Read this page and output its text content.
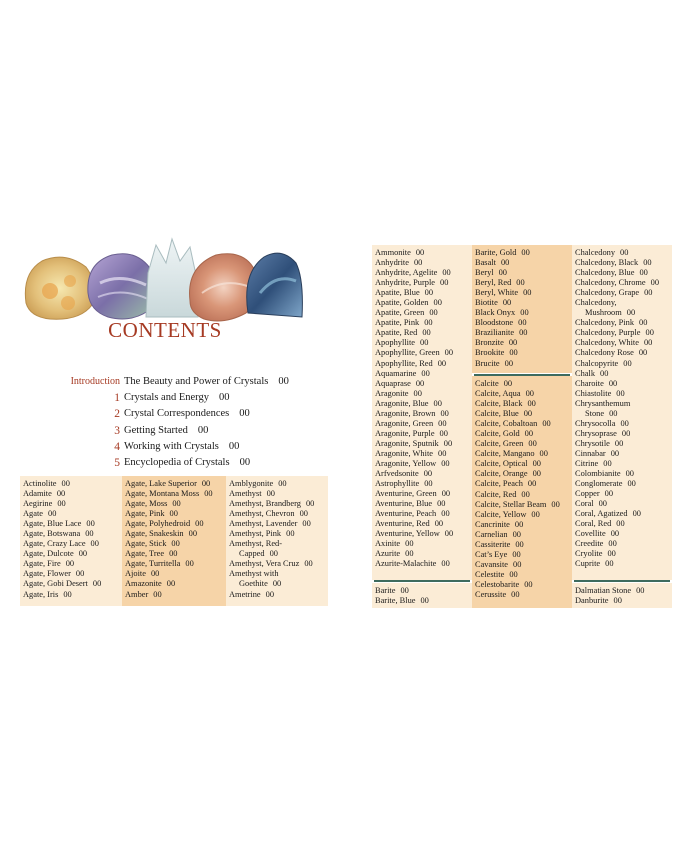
CONTENTS
Introduction The Beauty and Power of Crystals 00
1 Crystals and Energy 00
2 Crystal Correspondences 00
3 Getting Started 00
4 Working with Crystals 00
5 Encyclopedia of Crystals 00
Actinolite 00
Adamite 00
Aegirine 00
Agate 00
Agate, Blue Lace 00
Agate, Botswana 00
Agate, Crazy Lace 00
Agate, Dulcote 00
Agate, Fire 00
Agate, Flower 00
Agate, Gobi Desert 00
Agate, Iris 00
Agate, Lake Superior 00
Agate, Montana Moss 00
Agate, Moss 00
Agate, Pink 00
Agate, Polyhedroid 00
Agate, Snakeskin 00
Agate, Stick 00
Agate, Tree 00
Agate, Turritella 00
Ajoite 00
Amazonite 00
Amber 00
Amblygonite 00
Amethyst 00
Amethyst, Brandberg 00
Amethyst, Chevron 00
Amethyst, Lavender 00
Amethyst, Pink 00
Amethyst, Red-
Capped 00
Amethyst, Vera Cruz 00
Amethyst with
Goethite 00
Ametrine 00
Ammonite 00
Anhydrite 00
Anhydrite, Agelite 00
Anhydrite, Purple 00
Apatite, Blue 00
Apatite, Golden 00
Apatite, Green 00
Apatite, Pink 00
Apatite, Red 00
Apophyllite 00
Apophyllite, Green 00
Apophyllite, Red 00
Aquamarine 00
Aquaprase 00
Aragonite 00
Aragonite, Blue 00
Aragonite, Brown 00
Aragonite, Green 00
Aragonite, Purple 00
Aragonite, Sputnik 00
Aragonite, White 00
Aragonite, Yellow 00
Arfvedsonite 00
Astrophyllite 00
Aventurine, Green 00
Aventurine, Blue 00
Aventurine, Peach 00
Aventurine, Red 00
Aventurine, Yellow 00
Axinite 00
Azurite 00
Azurite-Malachite 00
Barite 00
Barite, Blue 00
Barite, Gold 00
Basalt 00
Beryl 00
Beryl, Red 00
Beryl, White 00
Biotite 00
Black Onyx 00
Bloodstone 00
Brazilianite 00
Bronzite 00
Brookite 00
Brucite 00
Calcite 00
Calcite, Aqua 00
Calcite, Black 00
Calcite, Blue 00
Calcite, Cobaltoan 00
Calcite, Gold 00
Calcite, Green 00
Calcite, Mangano 00
Calcite, Optical 00
Calcite, Orange 00
Calcite, Peach 00
Calcite, Red 00
Calcite, Stellar Beam 00
Calcite, Yellow 00
Cancrinite 00
Carnelian 00
Cassiterite 00
Cat’s Eye 00
Cavansite 00
Celestite 00
Celestobarite 00
Cerussite 00
Chalcedony 00
Chalcedony, Black 00
Chalcedony, Blue 00
Chalcedony, Chrome 00
Chalcedony, Grape 00
Chalcedony,
Mushroom 00
Chalcedony, Pink 00
Chalcedony, Purple 00
Chalcedony, White 00
Chalcedony Rose 00
Chalcopyrite 00
Chalk 00
Charoite 00
Chiastolite 00
Chrysanthemum
Stone 00
Chrysocolla 00
Chrysoprase 00
Chrysotile 00
Cinnabar 00
Citrine 00
Colombianite 00
Conglomerate 00
Copper 00
Coral 00
Coral, Agatized 00
Coral, Red 00
Covellite 00
Creedite 00
Cryolite 00
Cuprite 00
Dalmatian Stone 00
Danburite 00
